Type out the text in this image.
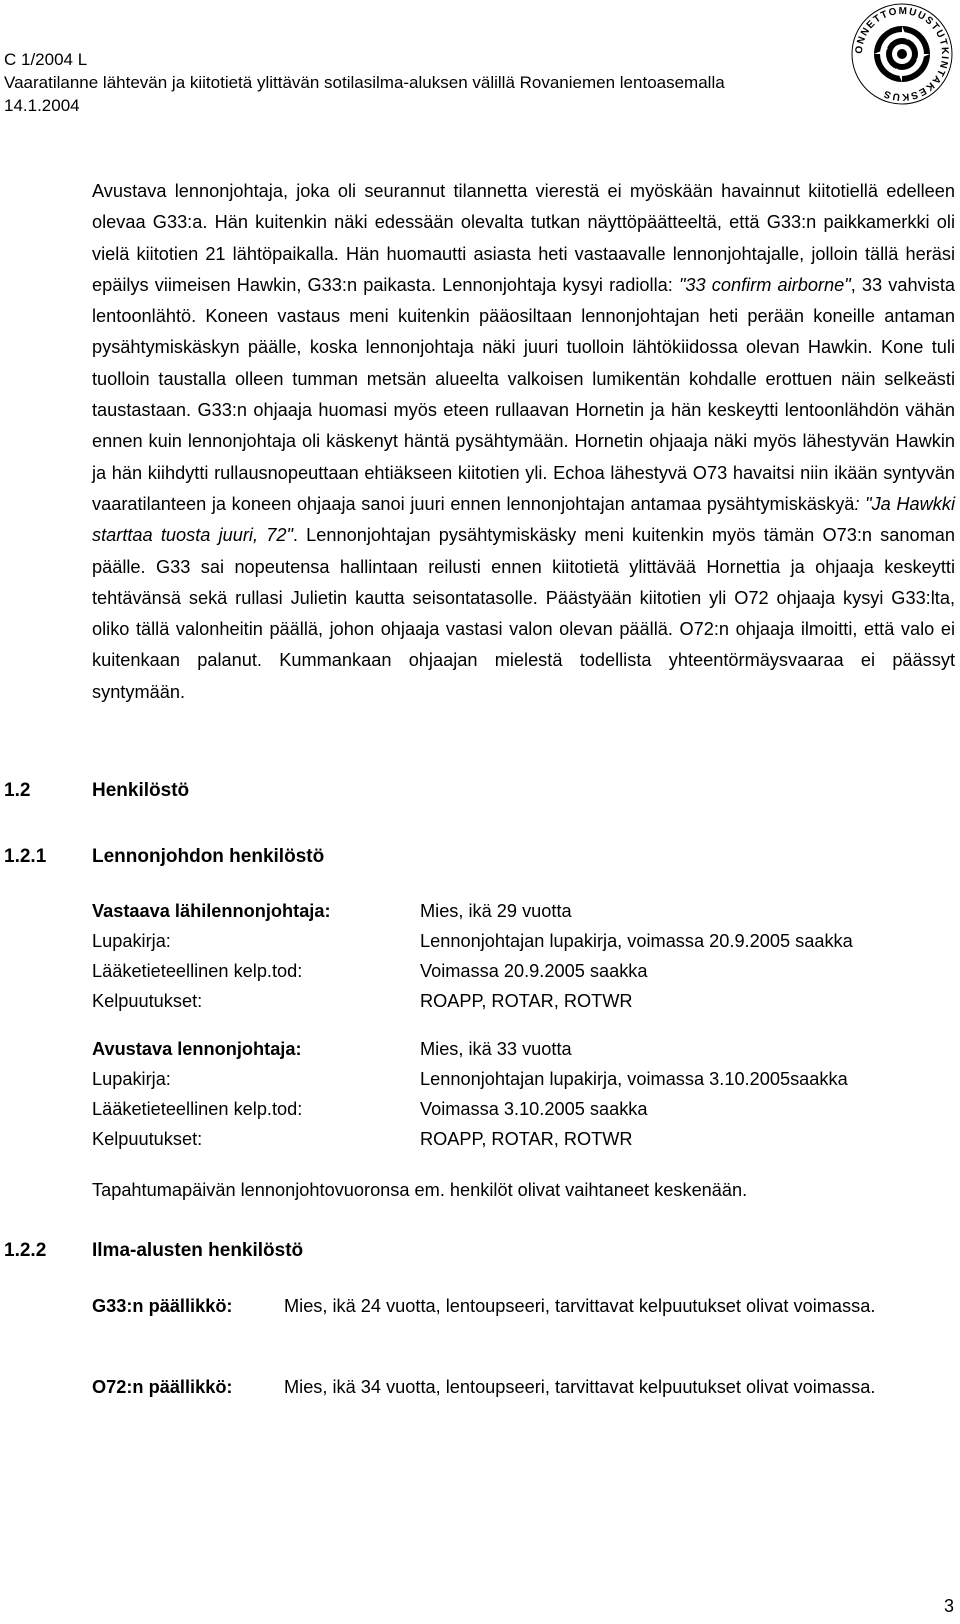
C 1/2004 L
Vaaratilanne lähtevän ja kiitotietä ylittävän sotilasilma-aluksen välillä Rovaniemen lentoasemalla
14.1.2004
ONNETTOMUUSTUTKINTAKESKUS
Avustava lennonjohtaja, joka oli seurannut tilannetta vierestä ei myöskään havainnut kiitotiellä edelleen olevaa G33:a. Hän kuitenkin näki edessään olevalta tutkan näyttöpäätteeltä, että G33:n paikkamerkki oli vielä kiitotien 21 lähtöpaikalla. Hän huomautti asiasta heti vastaavalle lennonjohtajalle, jolloin tällä heräsi epäilys viimeisen Hawkin, G33:n paikasta. Lennonjohtaja kysyi radiolla: "33 confirm airborne", 33 vahvista lentoonlähtö. Koneen vastaus meni kuitenkin pääosiltaan lennonjohtajan heti perään koneille antaman pysähtymiskäskyn päälle, koska lennonjohtaja näki juuri tuolloin lähtökiidossa olevan Hawkin. Kone tuli tuolloin taustalla olleen tumman metsän alueelta valkoisen lumikentän kohdalle erottuen näin selkeästi taustastaan. G33:n ohjaaja huomasi myös eteen rullaavan Hornetin ja hän keskeytti lentoonlähdön vähän ennen kuin lennonjohtaja oli käskenyt häntä pysähtymään. Hornetin ohjaaja näki myös lähestyvän Hawkin ja hän kiihdytti rullausnopeuttaan ehtiäkseen kiitotien yli. Echoa lähestyvä O73 havaitsi niin ikään syntyvän vaaratilanteen ja koneen ohjaaja sanoi juuri ennen lennonjohtajan antamaa pysähtymiskäskyä: "Ja Hawkki starttaa tuosta juuri, 72". Lennonjohtajan pysähtymiskäsky meni kuitenkin myös tämän O73:n sanoman päälle. G33 sai nopeutensa hallintaan reilusti ennen kiitotietä ylittävää Hornettia ja ohjaaja keskeytti tehtävänsä sekä rullasi Julietin kautta seisontatasolle. Päästyään kiitotien yli O72 ohjaaja kysyi G33:lta, oliko tällä valonheitin päällä, johon ohjaaja vastasi valon olevan päällä. O72:n ohjaaja ilmoitti, että valo ei kuitenkaan palanut. Kummankaan ohjaajan mielestä todellista yhteentörmäysvaaraa ei päässyt syntymään.
1.2	Henkilöstö
1.2.1 Lennonjohdon henkilöstö
Vastaava lähilennonjohtaja:	Mies, ikä 29 vuotta
Lupakirja:	Lennonjohtajan lupakirja, voimassa 20.9.2005 saakka
Lääketieteellinen kelp.tod:	Voimassa 20.9.2005 saakka
Kelpuutukset:	ROAPP, ROTAR, ROTWR
Avustava lennonjohtaja:	Mies, ikä 33 vuotta
Lupakirja:	Lennonjohtajan lupakirja, voimassa 3.10.2005saakka
Lääketieteellinen kelp.tod:	Voimassa 3.10.2005 saakka
Kelpuutukset:	ROAPP, ROTAR, ROTWR
Tapahtumapäivän lennonjohtovuoronsa em. henkilöt olivat vaihtaneet keskenään.
1.2.2 Ilma-alusten henkilöstö
G33:n päällikkö:	Mies, ikä 24 vuotta, lentoupseeri, tarvittavat kelpuutukset olivat voimassa.
O72:n päällikkö:	Mies, ikä 34 vuotta, lentoupseeri, tarvittavat kelpuutukset olivat voimassa.
3
